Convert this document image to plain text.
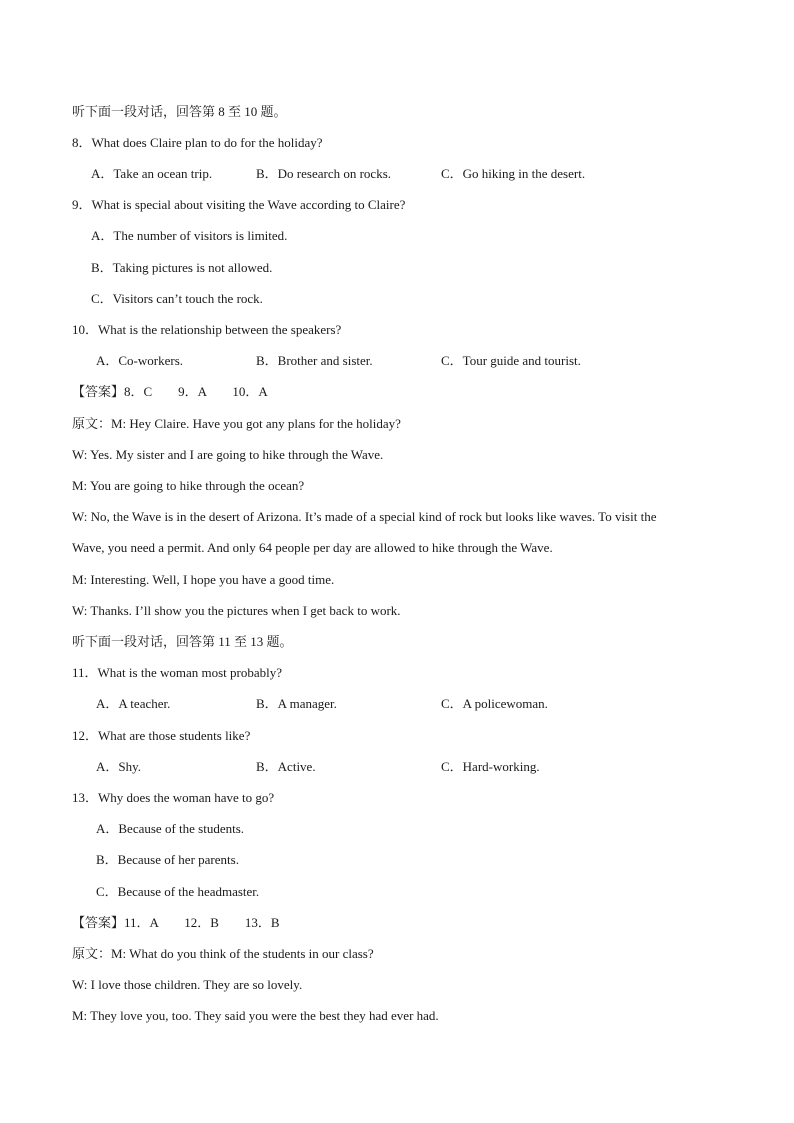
听下面一段对话，回答第 8 至 10 题。
8．What does Claire plan to do for the holiday?
A．Take an ocean trip.	B．Do research on rocks.	C．Go hiking in the desert.
9．What is special about visiting the Wave according to Claire?
A．The number of visitors is limited.
B．Taking pictures is not allowed.
C．Visitors can’t touch the rock.
10．What is the relationship between the speakers?
A．Co-workers.	B．Brother and sister.	C．Tour guide and tourist.
【答案】8．C        9．A        10．A
原文：M: Hey Claire. Have you got any plans for the holiday?
W: Yes. My sister and I are going to hike through the Wave.
M: You are going to hike through the ocean?
W: No, the Wave is in the desert of Arizona. It’s made of a special kind of rock but looks like waves. To visit the
Wave, you need a permit. And only 64 people per day are allowed to hike through the Wave.
M: Interesting. Well, I hope you have a good time.
W: Thanks. I’ll show you the pictures when I get back to work.
听下面一段对话，回答第 11 至 13 题。
11．What is the woman most probably?
A．A teacher.	B．A manager.	C．A policewoman.
12．What are those students like?
A．Shy.	B．Active.	C．Hard-working.
13．Why does the woman have to go?
A．Because of the students.
B．Because of her parents.
C．Because of the headmaster.
【答案】11．A        12．B        13．B
原文：M: What do you think of the students in our class?
W: I love those children. They are so lovely.
M: They love you, too. They said you were the best they had ever had.
